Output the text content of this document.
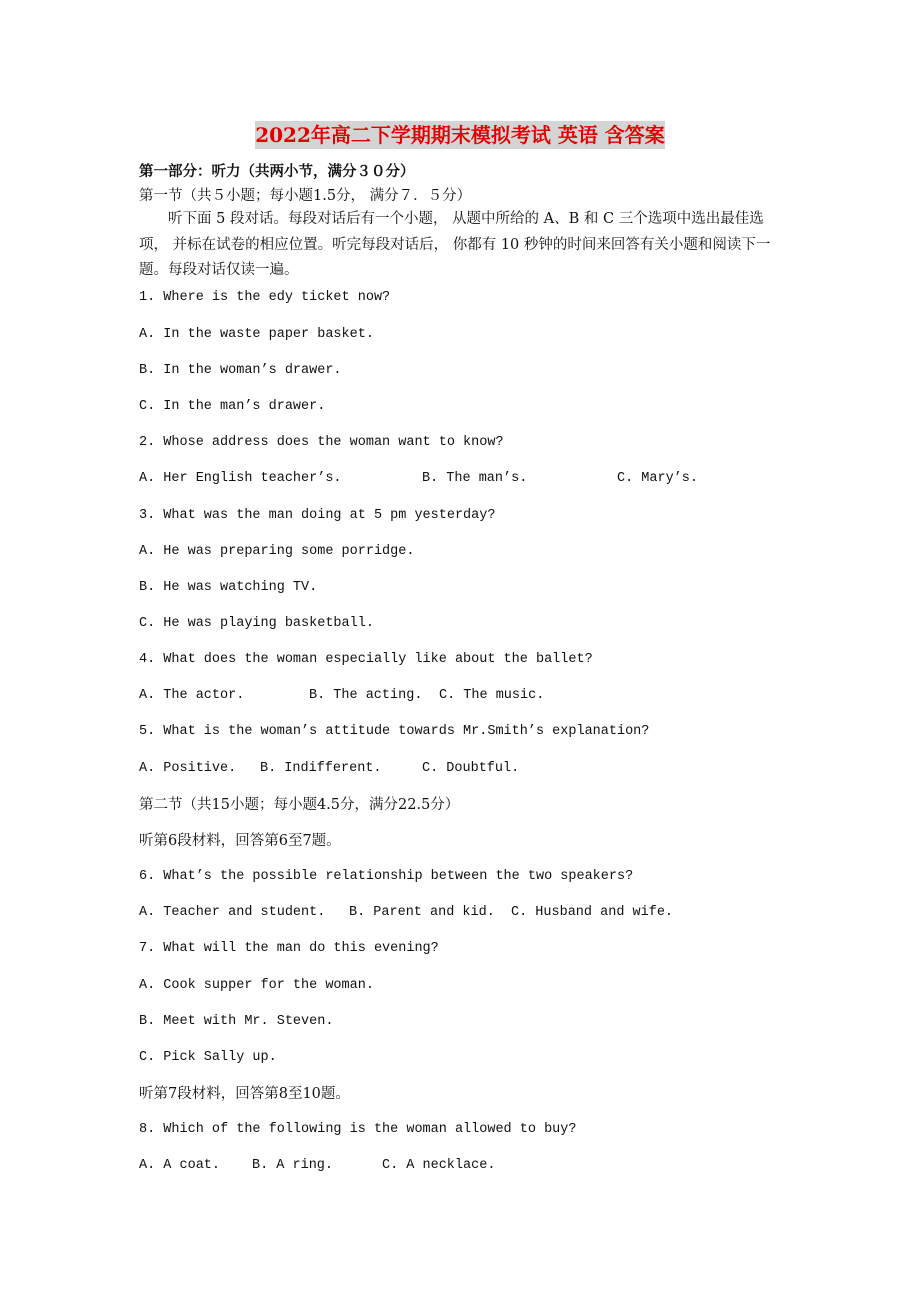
2022年高二下学期期末模拟考试 英语 含答案
第一部分：听力（共两小节，满分３０分）
第一节（共５小题；每小题1.5分， 满分７．５分）
听下面 5 段对话。每段对话后有一个小题， 从题中所给的 A、B 和 C 三个选项中选出最佳选项， 并标在试卷的相应位置。听完每段对话后， 你都有 10 秒钟的时间来回答有关小题和阅读下一题。每段对话仅读一遍。
1. Where is the edy ticket now?
A. In the waste paper basket.
B. In the woman’s drawer.
C. In the man’s drawer.
2. Whose address does the woman want to know?
A. Her English teacher’s.	B. The man’s.	C. Mary’s.
3. What was the man doing at 5 pm yesterday?
A. He was preparing some porridge.
B. He was watching TV.
C. He was playing basketball.
4. What does the woman especially like about the ballet?
A. The actor.	B. The acting. C. The music.
5. What is the woman’s attitude towards Mr.Smith’s explanation?
A. Positive. B. Indifferent.	C. Doubtful.
第二节（共15小题；每小题4.5分，满分22.5分）
听第6段材料，回答第6至7题。
6. What’s the possible relationship between the two speakers?
A. Teacher and student. B. Parent and kid. C. Husband and wife.
7. What will the man do this evening?
A. Cook supper for the woman.
B. Meet with Mr. Steven.
C. Pick Sally up.
听第7段材料，回答第8至10题。
8. Which of the following is the woman allowed to buy?
A. A coat. B. A ring.	C. A necklace.
